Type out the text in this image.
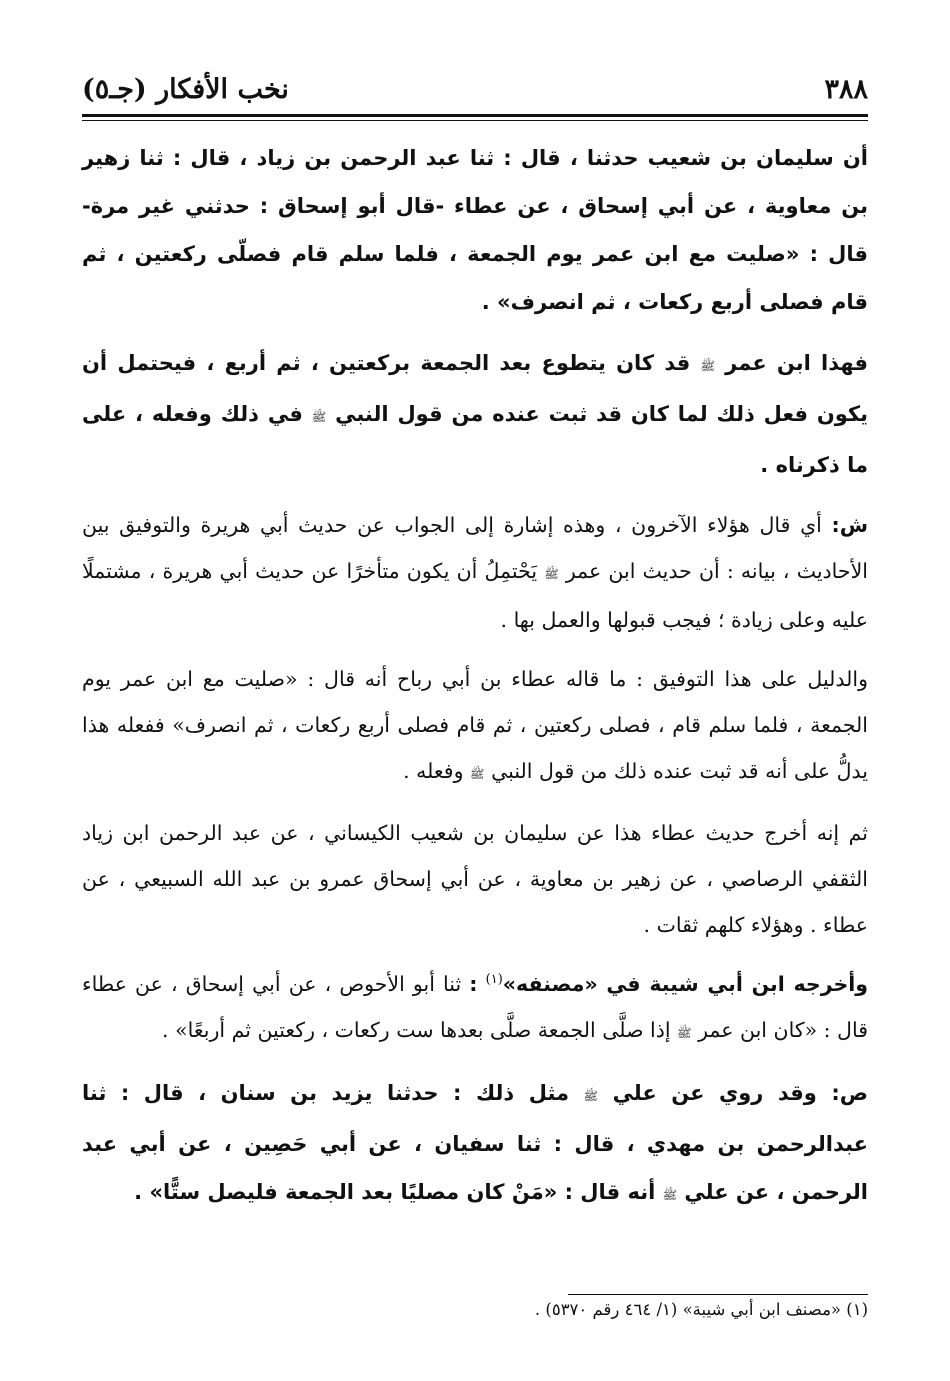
٣٨٨
نخب الأفكار (جـ٥)

أن سليمان بن شعيب حدثنا ، قال : ثنا عبد الرحمن بن زياد ، قال : ثنا زهير بن معاوية ، عن أبي إسحاق ، عن عطاء -قال أبو إسحاق : حدثني غير مرة- قال : «صليت مع ابن عمر يوم الجمعة ، فلما سلم قام فصلّى ركعتين ، ثم قام فصلى أربع ركعات ، ثم انصرف» .

فهذا ابن عمر ﷺ قد كان يتطوع بعد الجمعة بركعتين ، ثم أربع ، فيحتمل أن يكون فعل ذلك لما كان قد ثبت عنده من قول النبي ﷺ في ذلك وفعله ، على ما ذكرناه .

ش: أي قال هؤلاء الآخرون ، وهذه إشارة إلى الجواب عن حديث أبي هريرة والتوفيق بين الأحاديث ، بيانه : أن حديث ابن عمر ﷺ يَحْتمِلُ أن يكون متأخرًا عن حديث أبي هريرة ، مشتملًا عليه وعلى زيادة ؛ فيجب قبولها والعمل بها .

والدليل على هذا التوفيق : ما قاله عطاء بن أبي رباح أنه قال : «صليت مع ابن عمر يوم الجمعة ، فلما سلم قام ، فصلى ركعتين ، ثم قام فصلى أربع ركعات ، ثم انصرف» ففعله هذا يدلُّ على أنه قد ثبت عنده ذلك من قول النبي ﷺ وفعله .

ثم إنه أخرج حديث عطاء هذا عن سليمان بن شعيب الكيساني ، عن عبد الرحمن ابن زياد الثقفي الرصاصي ، عن زهير بن معاوية ، عن أبي إسحاق عمرو بن عبد الله السبيعي ، عن عطاء . وهؤلاء كلهم ثقات .

وأخرجه ابن أبي شيبة في «مصنفه»$^{(١)}$ : ثنا أبو الأحوص ، عن أبي إسحاق ، عن عطاء قال : «كان ابن عمر ﷺ إذا صلَّى الجمعة صلَّى بعدها ست ركعات ، ركعتين ثم أربعًا» .

ص: وقد روي عن علي ﷺ مثل ذلك : حدثنا يزيد بن سنان ، قال : ثنا عبدالرحمن بن مهدي ، قال : ثنا سفيان ، عن أبي حَصِين ، عن أبي عبد الرحمن ، عن علي ﷺ أنه قال : «مَنْ كان مصليًا بعد الجمعة فليصل ستًّا» .

(١) «مصنف ابن أبي شيبة» (١/ ٤٦٤ رقم ٥٣٧٠) .
